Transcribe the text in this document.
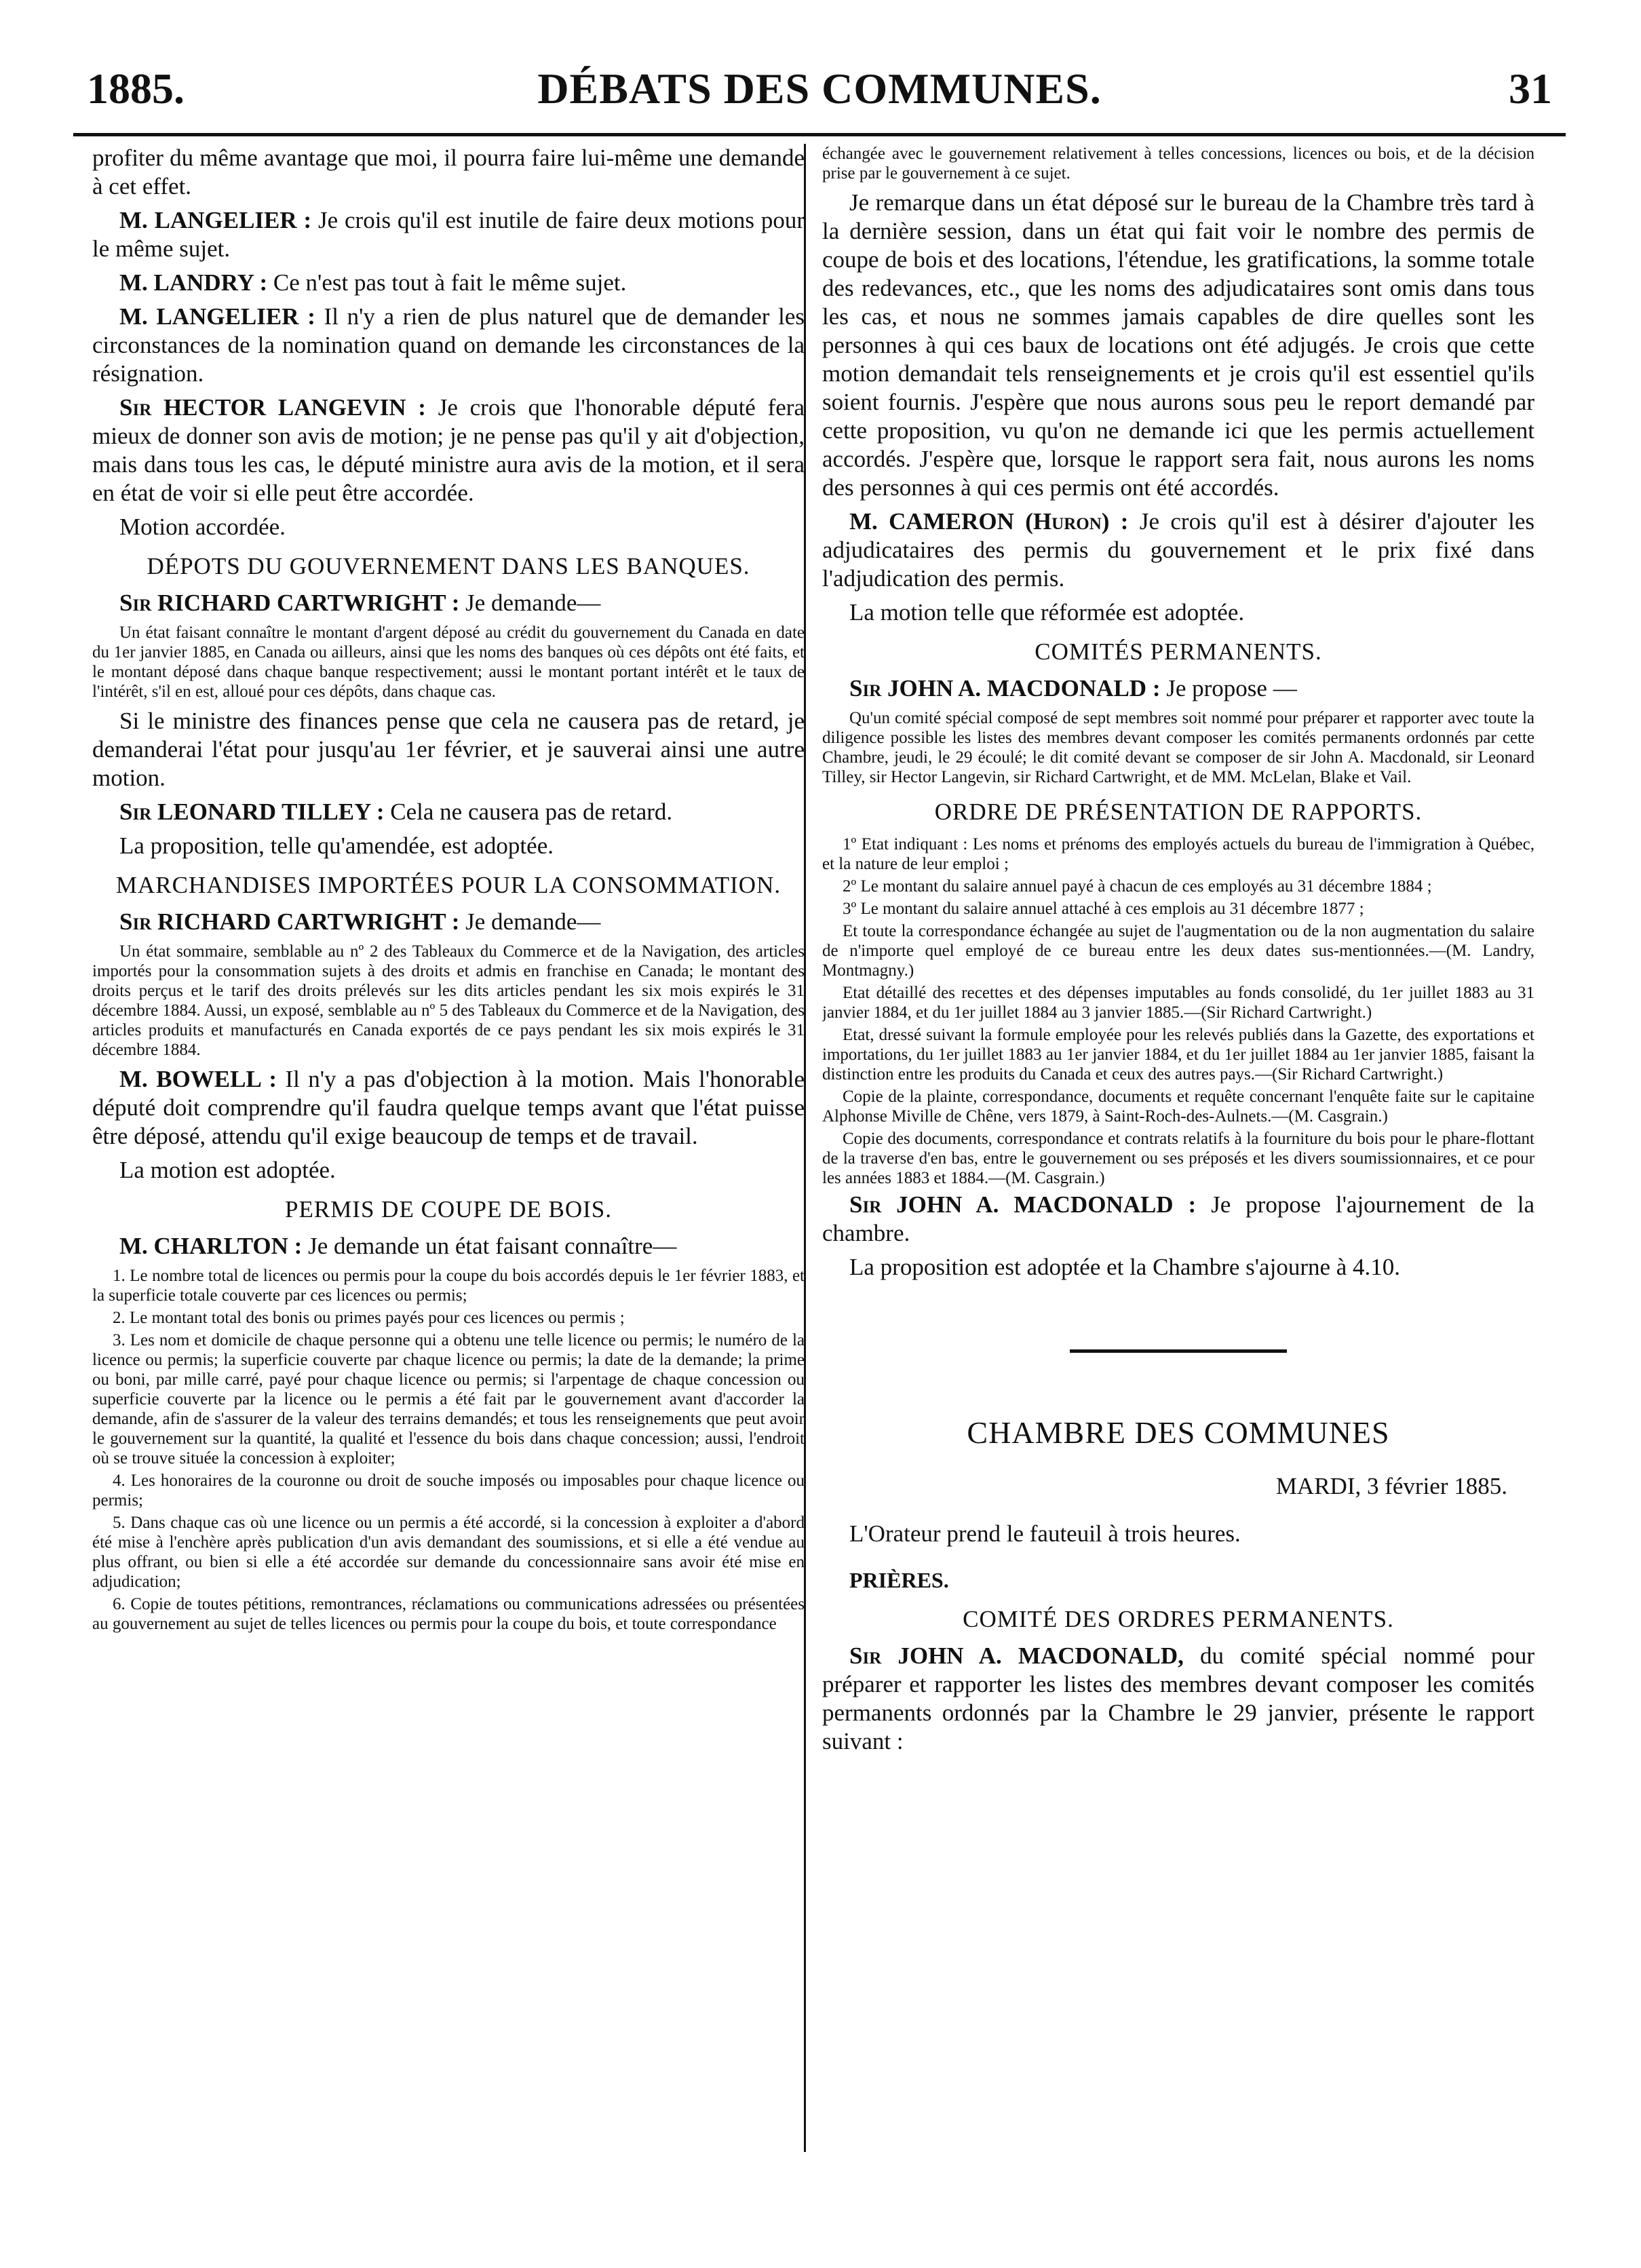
1885.	DÉBATS DES COMMUNES.	31

profiter du même avantage que moi, il pourra faire lui-même une demande à cet effet.

M. LANGELIER : Je crois qu'il est inutile de faire deux motions pour le même sujet.

M. LANDRY : Ce n'est pas tout à fait le même sujet.

M. LANGELIER : Il n'y a rien de plus naturel que de demander les circonstances de la nomination quand on demande les circonstances de la résignation.

Sir HECTOR LANGEVIN : Je crois que l'honorable député fera mieux de donner son avis de motion; je ne pense pas qu'il y ait d'objection, mais dans tous les cas, le député ministre aura avis de la motion, et il sera en état de voir si elle peut être accordée.

Motion accordée.

DÉPOTS DU GOUVERNEMENT DANS LES BANQUES.

Sir RICHARD CARTWRIGHT : Je demande—

Un état faisant connaître le montant d'argent déposé au crédit du gouvernement du Canada en date du 1er janvier 1885, en Canada ou ailleurs, ainsi que les noms des banques où ces dépôts ont été faits, et le montant déposé dans chaque banque respectivement; aussi le montant portant intérêt et le taux de l'intérêt, s'il en est, alloué pour ces dépôts, dans chaque cas.

Si le ministre des finances pense que cela ne causera pas de retard, je demanderai l'état pour jusqu'au 1er février, et je sauverai ainsi une autre motion.

Sir LEONARD TILLEY : Cela ne causera pas de retard.

La proposition, telle qu'amendée, est adoptée.

MARCHANDISES IMPORTÉES POUR LA CONSOMMATION.

Sir RICHARD CARTWRIGHT : Je demande—

Un état sommaire, semblable au nº 2 des Tableaux du Commerce et de la Navigation, des articles importés pour la consommation sujets à des droits et admis en franchise en Canada; le montant des droits perçus et le tarif des droits prélevés sur les dits articles pendant les six mois expirés le 31 décembre 1884. Aussi, un exposé, semblable au nº 5 des Tableaux du Commerce et de la Navigation, des articles produits et manufacturés en Canada exportés de ce pays pendant les six mois expirés le 31 décembre 1884.

M. BOWELL : Il n'y a pas d'objection à la motion. Mais l'honorable député doit comprendre qu'il faudra quelque temps avant que l'état puisse être déposé, attendu qu'il exige beaucoup de temps et de travail.

La motion est adoptée.

PERMIS DE COUPE DE BOIS.

M. CHARLTON : Je demande un état faisant connaître—

1. Le nombre total de licences ou permis pour la coupe du bois accordés depuis le 1er février 1883, et la superficie totale couverte par ces licences ou permis;

2. Le montant total des bonis ou primes payés pour ces licences ou permis ;

3. Les nom et domicile de chaque personne qui a obtenu une telle licence ou permis; le numéro de la licence ou permis; la superficie couverte par chaque licence ou permis; la date de la demande; la prime ou boni, par mille carré, payé pour chaque licence ou permis; si l'arpentage de chaque concession ou superficie couverte par la licence ou le permis a été fait par le gouvernement avant d'accorder la demande, afin de s'assurer de la valeur des terrains demandés; et tous les renseignements que peut avoir le gouvernement sur la quantité, la qualité et l'essence du bois dans chaque concession; aussi, l'endroit où se trouve située la concession à exploiter;

4. Les honoraires de la couronne ou droit de souche imposés ou imposables pour chaque licence ou permis;

5. Dans chaque cas où une licence ou un permis a été accordé, si la concession à exploiter a d'abord été mise à l'enchère après publication d'un avis demandant des soumissions, et si elle a été vendue au plus offrant, ou bien si elle a été accordée sur demande du concessionnaire sans avoir été mise en adjudication;

6. Copie de toutes pétitions, remontrances, réclamations ou communications adressées ou présentées au gouvernement au sujet de telles licences ou permis pour la coupe du bois, et toute correspondance

échangée avec le gouvernement relativement à telles concessions, licences ou bois, et de la décision prise par le gouvernement à ce sujet.

Je remarque dans un état déposé sur le bureau de la Chambre très tard à la dernière session, dans un état qui fait voir le nombre des permis de coupe de bois et des locations, l'étendue, les gratifications, la somme totale des redevances, etc., que les noms des adjudicataires sont omis dans tous les cas, et nous ne sommes jamais capables de dire quelles sont les personnes à qui ces baux de locations ont été adjugés. Je crois que cette motion demandait tels renseignements et je crois qu'il est essentiel qu'ils soient fournis. J'espère que nous aurons sous peu le report demandé par cette proposition, vu qu'on ne demande ici que les permis actuellement accordés. J'espère que, lorsque le rapport sera fait, nous aurons les noms des personnes à qui ces permis ont été accordés.

M. CAMERON (Huron) : Je crois qu'il est à désirer d'ajouter les adjudicataires des permis du gouvernement et le prix fixé dans l'adjudication des permis.

La motion telle que réformée est adoptée.

COMITÉS PERMANENTS.

Sir JOHN A. MACDONALD : Je propose —

Qu'un comité spécial composé de sept membres soit nommé pour préparer et rapporter avec toute la diligence possible les listes des membres devant composer les comités permanents ordonnés par cette Chambre, jeudi, le 29 écoulé; le dit comité devant se composer de sir John A. Macdonald, sir Leonard Tilley, sir Hector Langevin, sir Richard Cartwright, et de MM. McLelan, Blake et Vail.

ORDRE DE PRÉSENTATION DE RAPPORTS.

1º Etat indiquant : Les noms et prénoms des employés actuels du bureau de l'immigration à Québec, et la nature de leur emploi ;

2º Le montant du salaire annuel payé à chacun de ces employés au 31 décembre 1884 ;

3º Le montant du salaire annuel attaché à ces emplois au 31 décembre 1877 ;

Et toute la correspondance échangée au sujet de l'augmentation ou de la non augmentation du salaire de n'importe quel employé de ce bureau entre les deux dates sus-mentionnées.—(M. Landry, Montmagny.)

Etat détaillé des recettes et des dépenses imputables au fonds consolidé, du 1er juillet 1883 au 31 janvier 1884, et du 1er juillet 1884 au 3 janvier 1885.—(Sir Richard Cartwright.)

Etat, dressé suivant la formule employée pour les relevés publiés dans la Gazette, des exportations et importations, du 1er juillet 1883 au 1er janvier 1884, et du 1er juillet 1884 au 1er janvier 1885, faisant la distinction entre les produits du Canada et ceux des autres pays.—(Sir Richard Cartwright.)

Copie de la plainte, correspondance, documents et requête concernant l'enquête faite sur le capitaine Alphonse Miville de Chêne, vers 1879, à Saint-Roch-des-Aulnets.—(M. Casgrain.)

Copie des documents, correspondance et contrats relatifs à la fourniture du bois pour le phare-flottant de la traverse d'en bas, entre le gouvernement ou ses préposés et les divers soumissionnaires, et ce pour les années 1883 et 1884.—(M. Casgrain.)

Sir JOHN A. MACDONALD : Je propose l'ajournement de la chambre.

La proposition est adoptée et la Chambre s'ajourne à 4.10.

CHAMBRE DES COMMUNES
MARDI, 3 février 1885.

L'Orateur prend le fauteuil à trois heures.

PRIÈRES.

COMITÉ DES ORDRES PERMANENTS.

Sir JOHN A. MACDONALD, du comité spécial nommé pour préparer et rapporter les listes des membres devant composer les comités permanents ordonnés par la Chambre le 29 janvier, présente le rapport suivant :
